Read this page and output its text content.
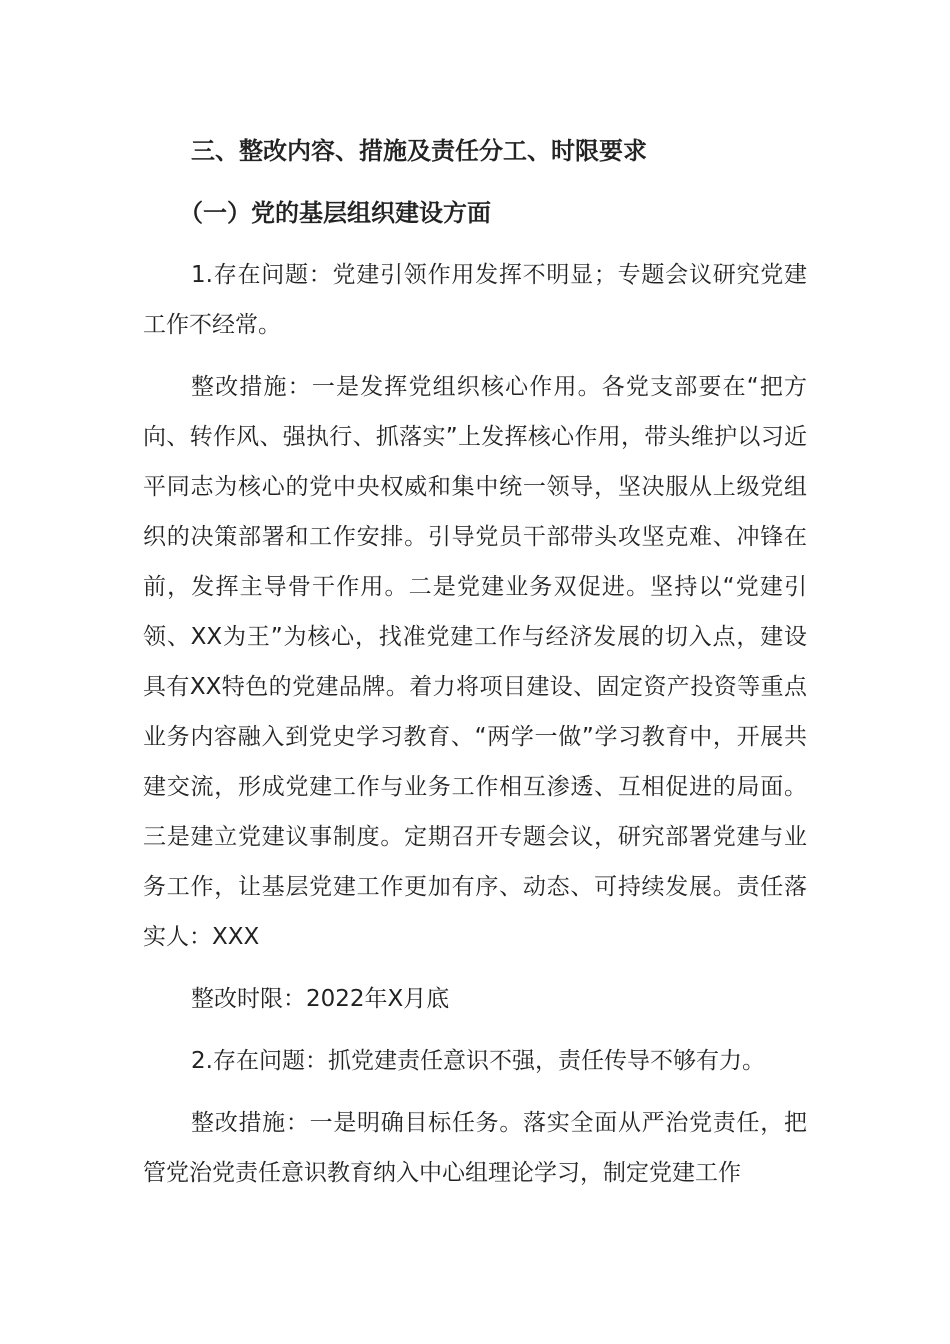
三、整改内容、措施及责任分工、时限要求

（一）党的基层组织建设方面

1.存在问题：党建引领作用发挥不明显；专题会议研究党建工作不经常。

整改措施：一是发挥党组织核心作用。各党支部要在“把方向、转作风、强执行、抓落实”上发挥核心作用，带头维护以习近平同志为核心的党中央权威和集中统一领导，坚决服从上级党组织的决策部署和工作安排。引导党员干部带头攻坚克难、冲锋在前，发挥主导骨干作用。二是党建业务双促进。坚持以“党建引领、XX为王”为核心，找准党建工作与经济发展的切入点，建设具有XX特色的党建品牌。着力将项目建设、固定资产投资等重点业务内容融入到党史学习教育、“两学一做”学习教育中，开展共建交流，形成党建工作与业务工作相互渗透、互相促进的局面。三是建立党建议事制度。定期召开专题会议，研究部署党建与业务工作，让基层党建工作更加有序、动态、可持续发展。责任落实人：XXX

整改时限：2022年X月底

2.存在问题：抓党建责任意识不强，责任传导不够有力。

整改措施：一是明确目标任务。落实全面从严治党责任，把管党治党责任意识教育纳入中心组理论学习，制定党建工作
